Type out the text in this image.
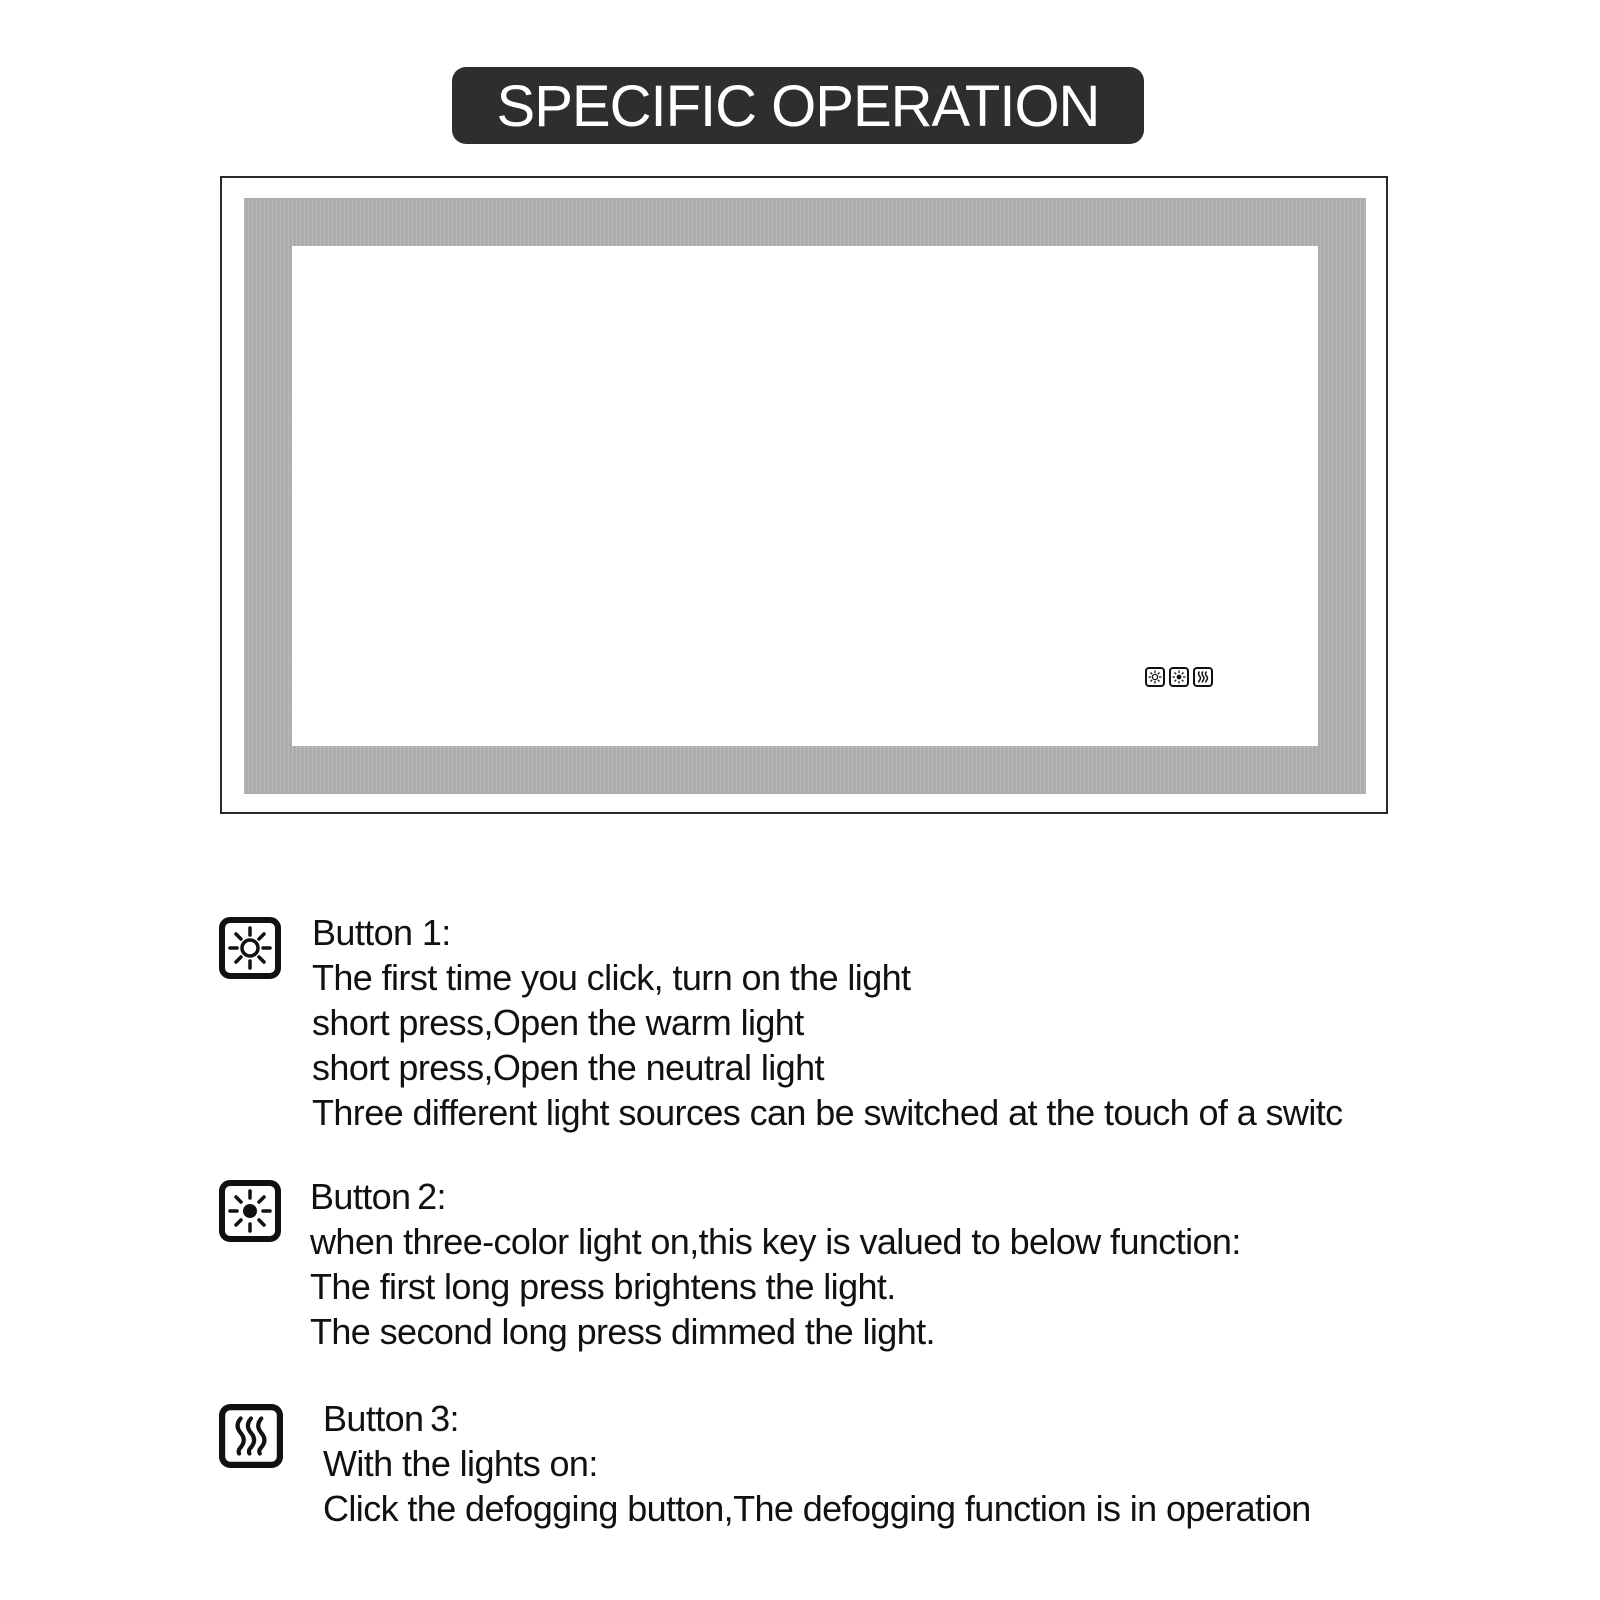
SPECIFIC OPERATION
Button 1:
The first time you click, turn on the light
short press,Open the warm light
short press,Open the neutral light
Three different light sources can be switched at the touch of a switc
Button 2:
when three-color light on,this key is valued to below function:
The first long press brightens the light.
The second long press dimmed the light.
Button 3:
With the lights on:
Click the defogging button,The defogging function is in operation
